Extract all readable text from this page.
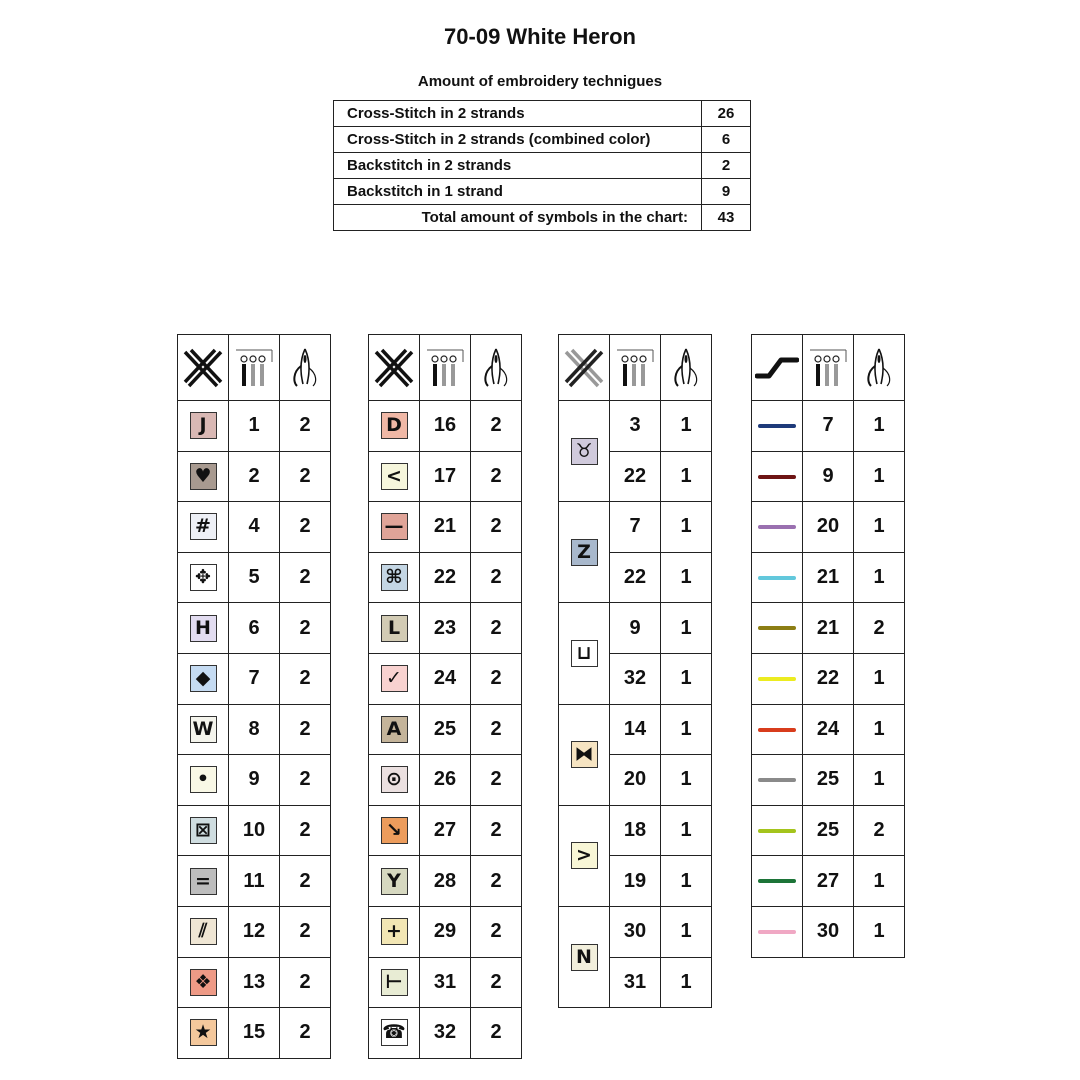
70-09 White Heron
Amount of embroidery technigues
Cross-Stitch in 2 strands	26
Cross-Stitch in 2 strands (combined color)	6
Backstitch in 2 strands	2
Backstitch in 1 strand	9
Total amount of symbols in the chart:	43

J	1	2
♥	2	2
#	4	2
✥	5	2
H	6	2
◆	7	2
W	8	2
•	9	2
⊠	10	2
=	11	2
⫽	12	2
❖	13	2
★	15	2

D	16	2
<	17	2
—	21	2
⌘	22	2
L	23	2
✓	24	2
A	25	2
⊙	26	2
↘	27	2
Y	28	2
+	29	2
⊢	31	2
☎	32	2

♉	3	1
	22	1
Z	7	1
	22	1
⊔	9	1
	32	1
⧓	14	1
	20	1
>	18	1
	19	1
N	30	1
	31	1

	7	1
	9	1
	20	1
	21	1
	21	2
	22	1
	24	1
	25	1
	25	2
	27	1
	30	1
